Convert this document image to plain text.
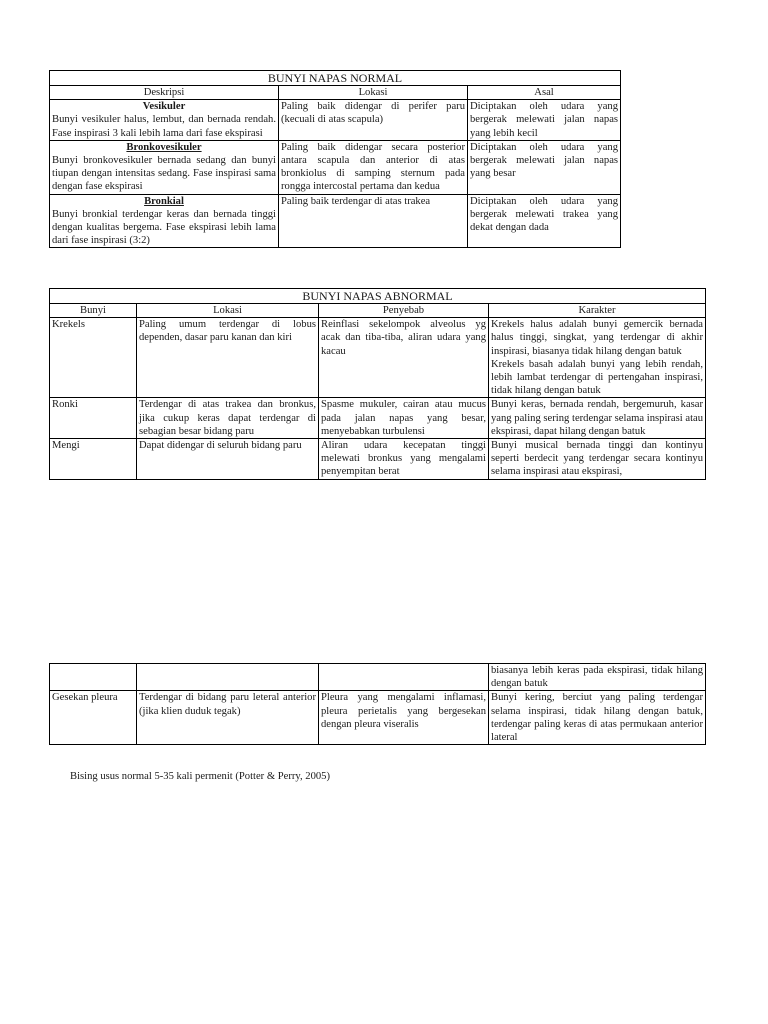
BUNYI NAPAS NORMAL		
Deskripsi	Lokasi	Asal

Vesikuler
Bunyi vesikuler halus, lembut, dan bernada rendah. Fase inspirasi 3 kali lebih lama dari fase ekspirasi	Paling baik didengar di perifer paru (kecuali di atas scapula)	Diciptakan oleh udara yang bergerak melewati jalan napas yang lebih kecil

Bronkovesikuler
Bunyi bronkovesikuler bernada sedang dan bunyi tiupan dengan intensitas sedang. Fase inspirasi sama dengan fase ekspirasi	Paling baik didengar secara posterior antara scapula dan anterior di atas bronkiolus di samping sternum pada rongga intercostal pertama dan kedua	Diciptakan oleh udara yang bergerak melewati jalan napas yang besar

Bronkial
Bunyi bronkial terdengar keras dan bernada tinggi dengan kualitas bergema. Fase ekspirasi lebih lama dari fase inspirasi (3:2)	Paling baik terdengar di atas trakea	Diciptakan oleh udara yang bergerak melewati trakea yang dekat dengan dada
BUNYI NAPAS ABNORMAL			
Bunyi	Lokasi	Penyebab	Karakter
Krekels	Paling umum terdengar di lobus dependen, dasar paru kanan dan kiri	Reinflasi sekelompok alveolus yg acak dan tiba-tiba, aliran udara yang kacau	Krekels halus adalah bunyi gemercik bernada halus tinggi, singkat, yang terdengar di akhir inspirasi, biasanya tidak hilang dengan batuk
Krekels basah adalah bunyi yang lebih rendah, lebih lambat terdengar di pertengahan inspirasi, tidak hilang dengan batuk

Ronki	Terdengar di atas trakea dan bronkus, jika cukup keras dapat terdengar di sebagian besar bidang paru	Spasme mukuler, cairan atau mucus pada jalan napas yang besar, menyebabkan turbulensi	Bunyi keras, bernada rendah, bergemuruh, kasar yang paling sering terdengar selama inspirasi atau ekspirasi, dapat hilang dengan batuk

Mengi	Dapat didengar di seluruh bidang paru	Aliran udara kecepatan tinggi melewati bronkus yang mengalami penyempitan berat	Bunyi musical bernada tinggi dan kontinyu seperti berdecit yang terdengar secara kontinyu selama inspirasi atau ekspirasi,
			biasanya lebih keras pada ekspirasi, tidak hilang dengan batuk
Gesekan pleura	Terdengar di bidang paru leteral anterior (jika klien duduk tegak)	Pleura yang mengalami inflamasi, pleura perietalis yang bergesekan dengan pleura viseralis	Bunyi kering, berciut yang paling terdengar selama inspirasi, tidak hilang dengan batuk, terdengar paling keras di atas permukaan anterior lateral
Bising usus normal 5-35 kali permenit (Potter & Perry, 2005)
